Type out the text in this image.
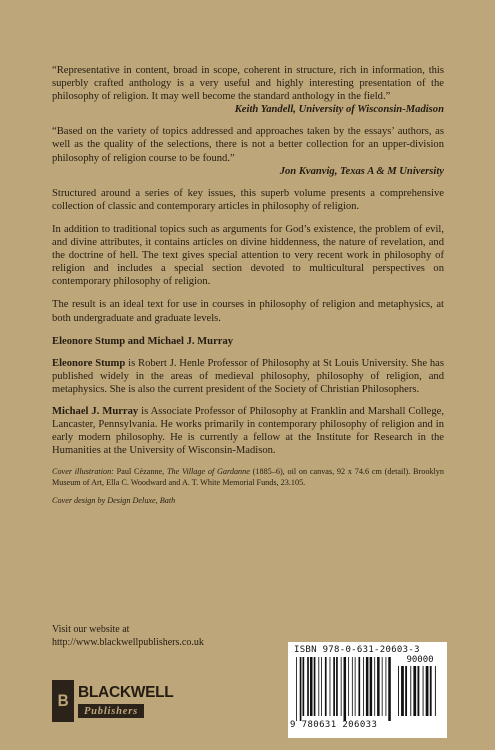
“Representative in content, broad in scope, coherent in structure, rich in information, this superbly crafted anthology is a very useful and highly interesting presentation of the philosophy of religion. It may well become the standard anthology in the field.”

Keith Yandell, University of Wisconsin-Madison

“Based on the variety of topics addressed and approaches taken by the essays’ authors, as well as the quality of the selections, there is not a better collection for an upper-division philosophy of religion course to be found.”

Jon Kvanvig, Texas A & M University

Structured around a series of key issues, this superb volume presents a comprehensive collection of classic and contemporary articles in philosophy of religion.

In addition to traditional topics such as arguments for God’s existence, the problem of evil, and divine attributes, it contains articles on divine hiddenness, the nature of revelation, and the doctrine of hell. The text gives special attention to very recent work in philosophy of religion and includes a special section devoted to multicultural perspectives on contemporary philosophy of religion.

The result is an ideal text for use in courses in philosophy of religion and metaphysics, at both undergraduate and graduate levels.

Eleonore Stump and Michael J. Murray

Eleonore Stump is Robert J. Henle Professor of Philosophy at St Louis University. She has published widely in the areas of medieval philosophy, philosophy of religion, and metaphysics. She is also the current president of the Society of Christian Philosophers.

Michael J. Murray is Associate Professor of Philosophy at Franklin and Marshall College, Lancaster, Pennsylvania. He works primarily in contemporary philosophy of religion and in early modern philosophy. He is currently a fellow at the Institute for Research in the Humanities at the University of Wisconsin-Madison.

Cover illustration: Paul Cézanne, The Village of Gardanne (1885–6), oil on canvas, 92 x 74.6 cm (detail). Brooklyn Museum of Art, Ella C. Woodward and A. T. White Memorial Funds, 23.105.

Cover design by Design Deluxe, Bath

Visit our website at
http://www.blackwellpublishers.co.uk
B BLACKWELL
Publishers
ISBN 978-0-631-20603-3
90000
9 780631 206033
